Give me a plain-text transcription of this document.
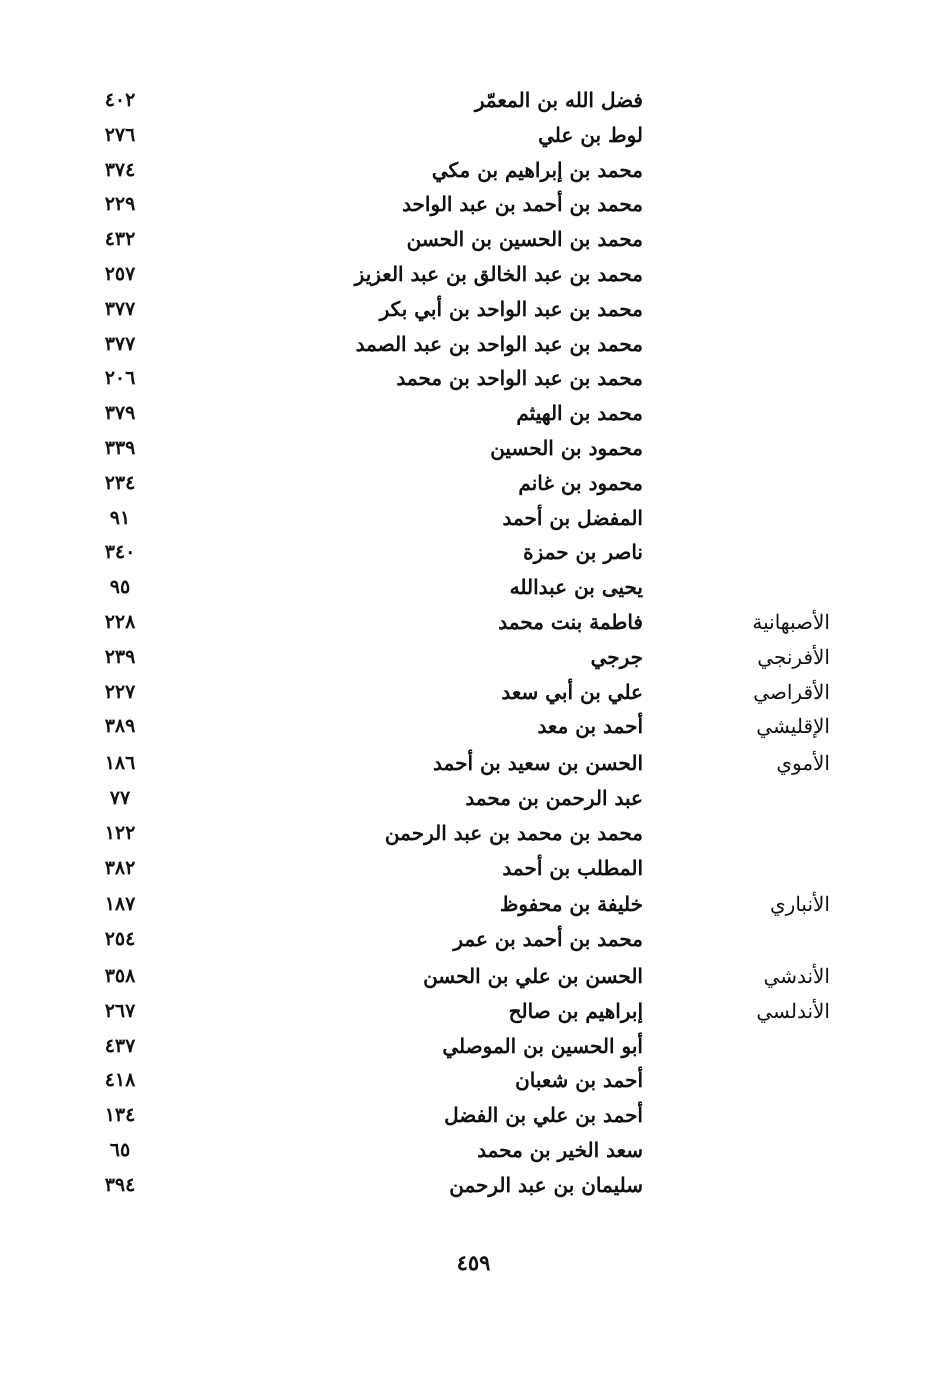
فضل الله بن المعمّر
٤٠٢
لوط بن علي
٢٧٦
محمد بن إبراهيم بن مكي
٣٧٤
محمد بن أحمد بن عبد الواحد
٢٢٩
محمد بن الحسين بن الحسن
٤٣٢
محمد بن عبد الخالق بن عبد العزيز
٢٥٧
محمد بن عبد الواحد بن أبي بكر
٣٧٧
محمد بن عبد الواحد بن عبد الصمد
٣٧٧
محمد بن عبد الواحد بن محمد
٢٠٦
محمد بن الهيثم
٣٧٩
محمود بن الحسين
٣٣٩
محمود بن غانم
٢٣٤
المفضل بن أحمد
٩١
ناصر بن حمزة
٣٤٠
يحيى بن عبدالله
٩٥
الأصبهانية
فاطمة بنت محمد
٢٢٨
الأفرنجي
جرجي
٢٣٩
الأقراصي
علي بن أبي سعد
٢٢٧
الإقليشي
أحمد بن معد
٣٨٩
الأموي
الحسن بن سعيد بن أحمد
١٨٦
عبد الرحمن بن محمد
٧٧
محمد بن محمد بن عبد الرحمن
١٢٢
المطلب بن أحمد
٣٨٢
الأنباري
خليفة بن محفوظ
١٨٧
محمد بن أحمد بن عمر
٢٥٤
الأندشي
الحسن بن علي بن الحسن
٣٥٨
الأندلسي
إبراهيم بن صالح
٢٦٧
أبو الحسين بن الموصلي
٤٣٧
أحمد بن شعبان
٤١٨
أحمد بن علي بن الفضل
١٣٤
سعد الخير بن محمد
٦٥
سليمان بن عبد الرحمن
٣٩٤
٤٥٩
